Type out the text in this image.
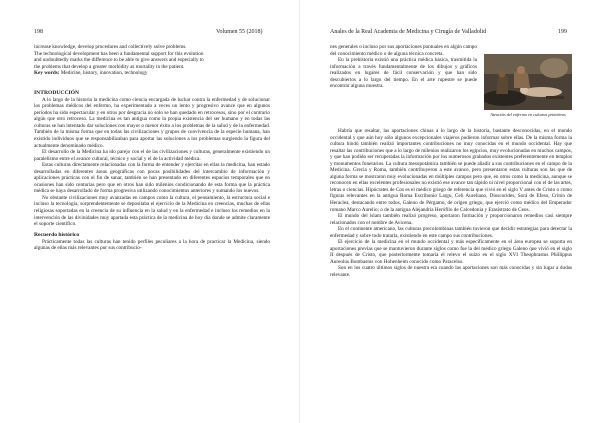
198	Volumen 55 (2018)
increase knowledge, develop procedures and collectively solve problems.
The technological development has been a fundamental support for this evolution
and undoubtedly marks the difference to be able to give answers and especially to
the problems that develop a greater morbidity as mortality in the patient.

Key words: Medicine, history, innovation, technology

INTRODUCCIÓN

A lo largo de la historia la medicina como ciencia encargada de luchar contra la enfermedad y de solucionar los problemas médicos del enfermo, ha experimentado a veces un lento y progresivo avance que en algunos períodos ha sido espectacular y en otros por desgracia no solo se han quedado en retrocesos, sino por el contrario algún que otro retroceso. La medicina es tan antigua como la propia existencia del ser humano y en todas las culturas se han intentado dar soluciones con mayor o menor éxito a los problemas de la salud y de la enfermedad. También de la misma forma que en todas las civilizaciones y grupos de convivencia de la especie humana, han existido individuos que se responsabilizaban para aportar las soluciones a los problemas surgiendo la figura del actualmente denominado médico.

El desarrollo de la Medicina ha ido parejo con el de las civilizaciones y culturas, generalmente existiendo un paralelismo entre el avance cultural, técnico y social y el de la actividad médica.

Estas culturas directamente relacionadas con la forma de entender y ejercitar en ellas la medicina, han estado desarrolladas en diferentes áreas geográficas con pocas posibilidades del intercambio de información y aplicaciones prácticas con el fin de sanar, también se han presentado en diferentes espacios temporales que en ocasiones han sido centurias pero que en otros han sido milenios condicionando de esta forma que la práctica médica se haya desarrollado de forma progresiva utilizando conocimientos anteriores y sumando los nuevos.

No obstante civilizaciones muy avanzadas en campos como la cultura, el pensamiento, la estructura social e incluso la tecnología, sorprendentemente se depositaba el ejercicio de la Medicina en creencias, muchas de ellas religiosas soportadas en la creencia de su influencia en la salud y en la enfermedad e incluso los remedios en la intervención de las divinidades muy apartada esta práctica de la medicina de hoy día donde se admite claramente el soporte científico.

Recuerdo histórico

Prácticamente todas las culturas han tenido perfiles peculiares a la hora de practicar la Medicina, siendo algunas de ellas más relevantes por sus contribucio-

Anales de la Real Academia de Medicina y Cirugía de Valladolid	199

nes generales o incluso por sus aportaciones puntuales en algún campo del conocimiento médico o de alguna técnica concreta.

En la prehistoria existió una práctica médica básica, trasmitida la información a través fundamentalmente de los dibujos y gráficos realizados en lugares de fácil conservación y que han sido descubiertos a lo largo del tiempo. En el arte rupestre se puede encontrar alguna muestra.

Atención del enfermo en culturas primitivas

Habría que resaltar, las aportaciones chinas a lo largo de la historia, bastante desconocidas, en el mundo occidental y que aún hoy sólo algunos excepcionales viajeros pudieron informar sobre ellas. De la misma forma la cultura hindú también realizó importantes contribuciones no muy conocidas en el mundo occidental. Hay que resaltar las contribuciones que a lo largo de milenios realizaron los egipcios, muy evolucionadas en muchos campos, y que han podido ser recuperadas la información por los numerosos grabados existentes preferentemente en templos y monumentos funerarios. La cultura mesopotámica también se puede añadir a sus contribuciones en el campo de la Medicina. Grecia y Roma, también contribuyeron a este avance, pero presentaron estas culturas son las que de alguna forma se mostraron muy evolucionadas en múltiples campos pero que, en otros como la medicina, aunque se reconocen en ellas excelentes profesionales no existió ese avance tan rápido ni nivel proporcional con el de las artes, letras o ciencias. Hipócrates de Cos es el médico griego de referencia que vivió en el siglo V antes de Cristo o como figuras relevantes en la antigua Roma Escribonio Largo, Celi Aureliano, Dioscorides, Sorá de Efeso, Critón de Heraclea, destacando entre todos, Galeno de Pérgamo, de origen griego, que ejerció como médico del Emperador romano Marco Aurelio; o de la antigua Alejandría Herófilo de Calcedonia y Erasístrato de Ceos.

El mundo del islam también realizó progreso, aportaron formación y proporcionaron remedios casi siempre relacionados con el nombre de Avicena.

En el continente americano, las culturas precolombinas también tuvieron que decidir estrategias para detectar la enfermedad y sobre todo tratarla, existiendo en este campo sus contribuciones.

El ejercicio de la medicina en el mundo occidental y más específicamente en el área europea se soporta en aportaciones previas que se mantuvieron durante siglos como fue la del médico griego Galeno que vivió en el siglo II después de Cristo, que posteriormente tomaría el relevo el suizo en el siglo XVI Theophrastus Phillippus Aureolus Bombastus von Hohenheim conocido como Paracelso.

Son en los cuatro últimos siglos de nuestra era cuando las aportaciones son más conocidas y sin lugar a dudas relevante.
